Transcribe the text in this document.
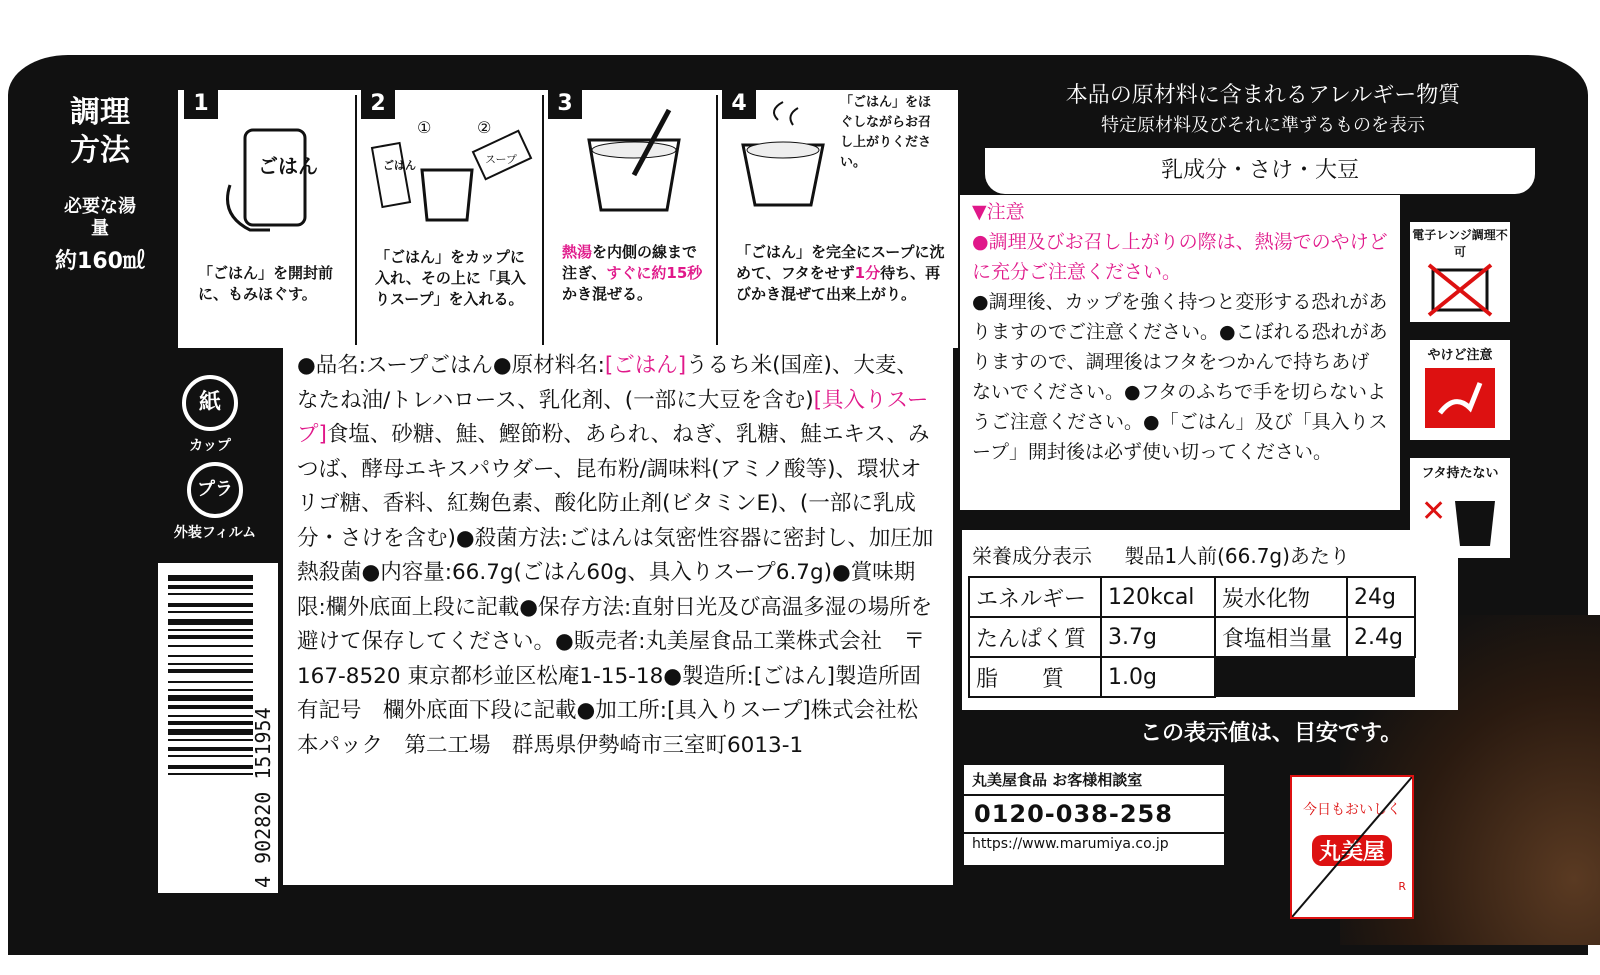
調理方法
必要な湯量
約160㎖
1
ごはん
「ごはん」を開封前に、もみほぐす。
2
①	②
ごはん	スープ
「ごはん」をカップに入れ、その上に「具入りスープ」を入れる。
3
熱湯を内側の線まで注ぎ、すぐに約15秒かき混ぜる。
4	「ごはん」をほぐしながらお召し上がりください。
「ごはん」を完全にスープに沈めて、フタをせず1分待ち、再びかき混ぜて出来上がり。
紙
カップ
プラ
外装フィルム
4 902820 151954

●品名:スープごはん●原材料名:[ごはん]うるち米(国産)、大麦、なたね油/トレハロース、乳化剤、(一部に大豆を含む)[具入りスープ]食塩、砂糖、鮭、鰹節粉、あられ、ねぎ、乳糖、鮭エキス、みつば、酵母エキスパウダー、昆布粉/調味料(アミノ酸等)、環状オリゴ糖、香料、紅麹色素、酸化防止剤(ビタミンE)、(一部に乳成分・さけを含む)●殺菌方法:ごはんは気密性容器に密封し、加圧加熱殺菌●内容量:66.7g(ごはん60g、具入りスープ6.7g)●賞味期限:欄外底面上段に記載●保存方法:直射日光及び高温多湿の場所を避けて保存してください。●販売者:丸美屋食品工業株式会社　〒167-8520 東京都杉並区松庵1-15-18●製造所:[ごはん]製造所固有記号　欄外底面下段に記載●加工所:[具入りスープ]株式会社松本パック　第二工場　群馬県伊勢崎市三室町6013-1

本品の原材料に含まれるアレルギー物質
特定原材料及びそれに準ずるものを表示
乳成分・さけ・大豆

▼注意

●調理及びお召し上がりの際は、熱湯でのやけどに充分ご注意ください。

●調理後、カップを強く持つと変形する恐れがありますのでご注意ください。●こぼれる恐れがありますので、調理後はフタをつかんで持ちあげないでください。●フタのふちで手を切らないようご注意ください。●「ごはん」及び「具入りスープ」開封後は必ず使い切ってください。

電子レンジ調理不可
やけど注意
フタ持たない
✕
栄養成分表示 製品1人前(66.7g)あたり
エネルギー	120kcal	炭水化物	24g
たんぱく質	3.7g	食塩相当量	2.4g
脂　　質	1.0g		
この表示値は、目安です。
丸美屋食品 お客様相談室
0120-038-258
https://www.marumiya.co.jp
今日もおいしく
丸美屋
R
